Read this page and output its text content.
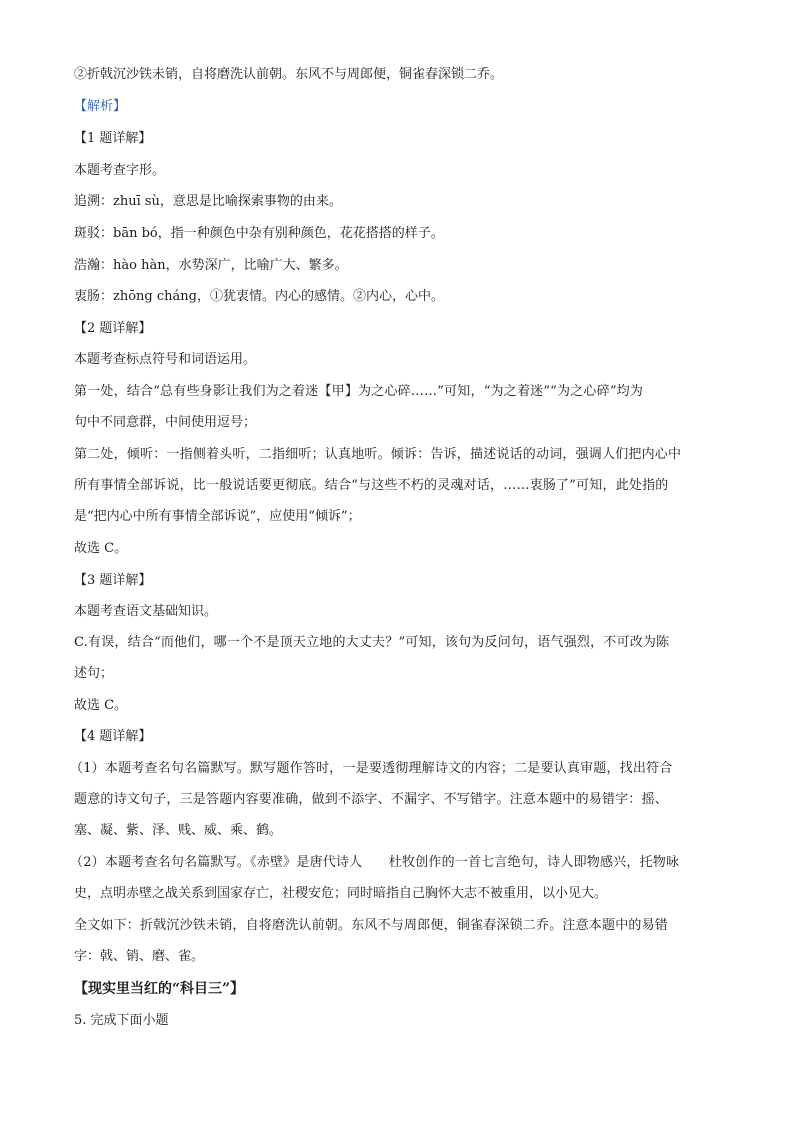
②折戟沉沙铁未销，自将磨洗认前朝。东风不与周郎便，铜雀春深锁二乔。
【解析】
【1 题详解】
本题考查字形。
追溯：zhuī sù，意思是比喻探索事物的由来。
斑驳：bān bó，指一种颜色中杂有别种颜色，花花搭搭的样子。
浩瀚：hào hàn，水势深广，比喻广大、繁多。
衷肠：zhōng cháng，①犹衷情。内心的感情。②内心，心中。
【2 题详解】
本题考查标点符号和词语运用。
第一处，结合“总有些身影让我们为之着迷【甲】为之心碎……”可知，“为之着迷”“为之心碎”均为
句中不同意群，中间使用逗号；
第二处，倾听：一指侧着头听，二指细听；认真地听。倾诉：告诉，描述说话的动词，强调人们把内心中
所有事情全部诉说，比一般说话要更彻底。结合“与这些不朽的灵魂对话，……衷肠了”可知，此处指的
是“把内心中所有事情全部诉说”，应使用“倾诉”；
故选 C。
【3 题详解】
本题考查语文基础知识。
C.有误，结合“而他们，哪一个不是顶天立地的大丈夫？”可知，该句为反问句，语气强烈，不可改为陈
述句；
故选 C。
【4 题详解】
（1）本题考查名句名篇默写。默写题作答时，一是要透彻理解诗文的内容；二是要认真审题，找出符合
题意的诗文句子，三是答题内容要准确，做到不添字、不漏字、不写错字。注意本题中的易错字：摇、
塞、凝、紫、泽、贱、威、乘、鹤。
（2）本题考查名句名篇默写。《赤壁》是唐代诗人　　杜牧创作的一首七言绝句，诗人即物感兴，托物咏
史，点明赤壁之战关系到国家存亡，社稷安危；同时暗指自己胸怀大志不被重用，以小见大。
全文如下：折戟沉沙铁未销，自将磨洗认前朝。东风不与周郎便，铜雀春深锁二乔。注意本题中的易错
字：戟、销、磨、雀。
【现实里当红的“科目三”】
5. 完成下面小题
